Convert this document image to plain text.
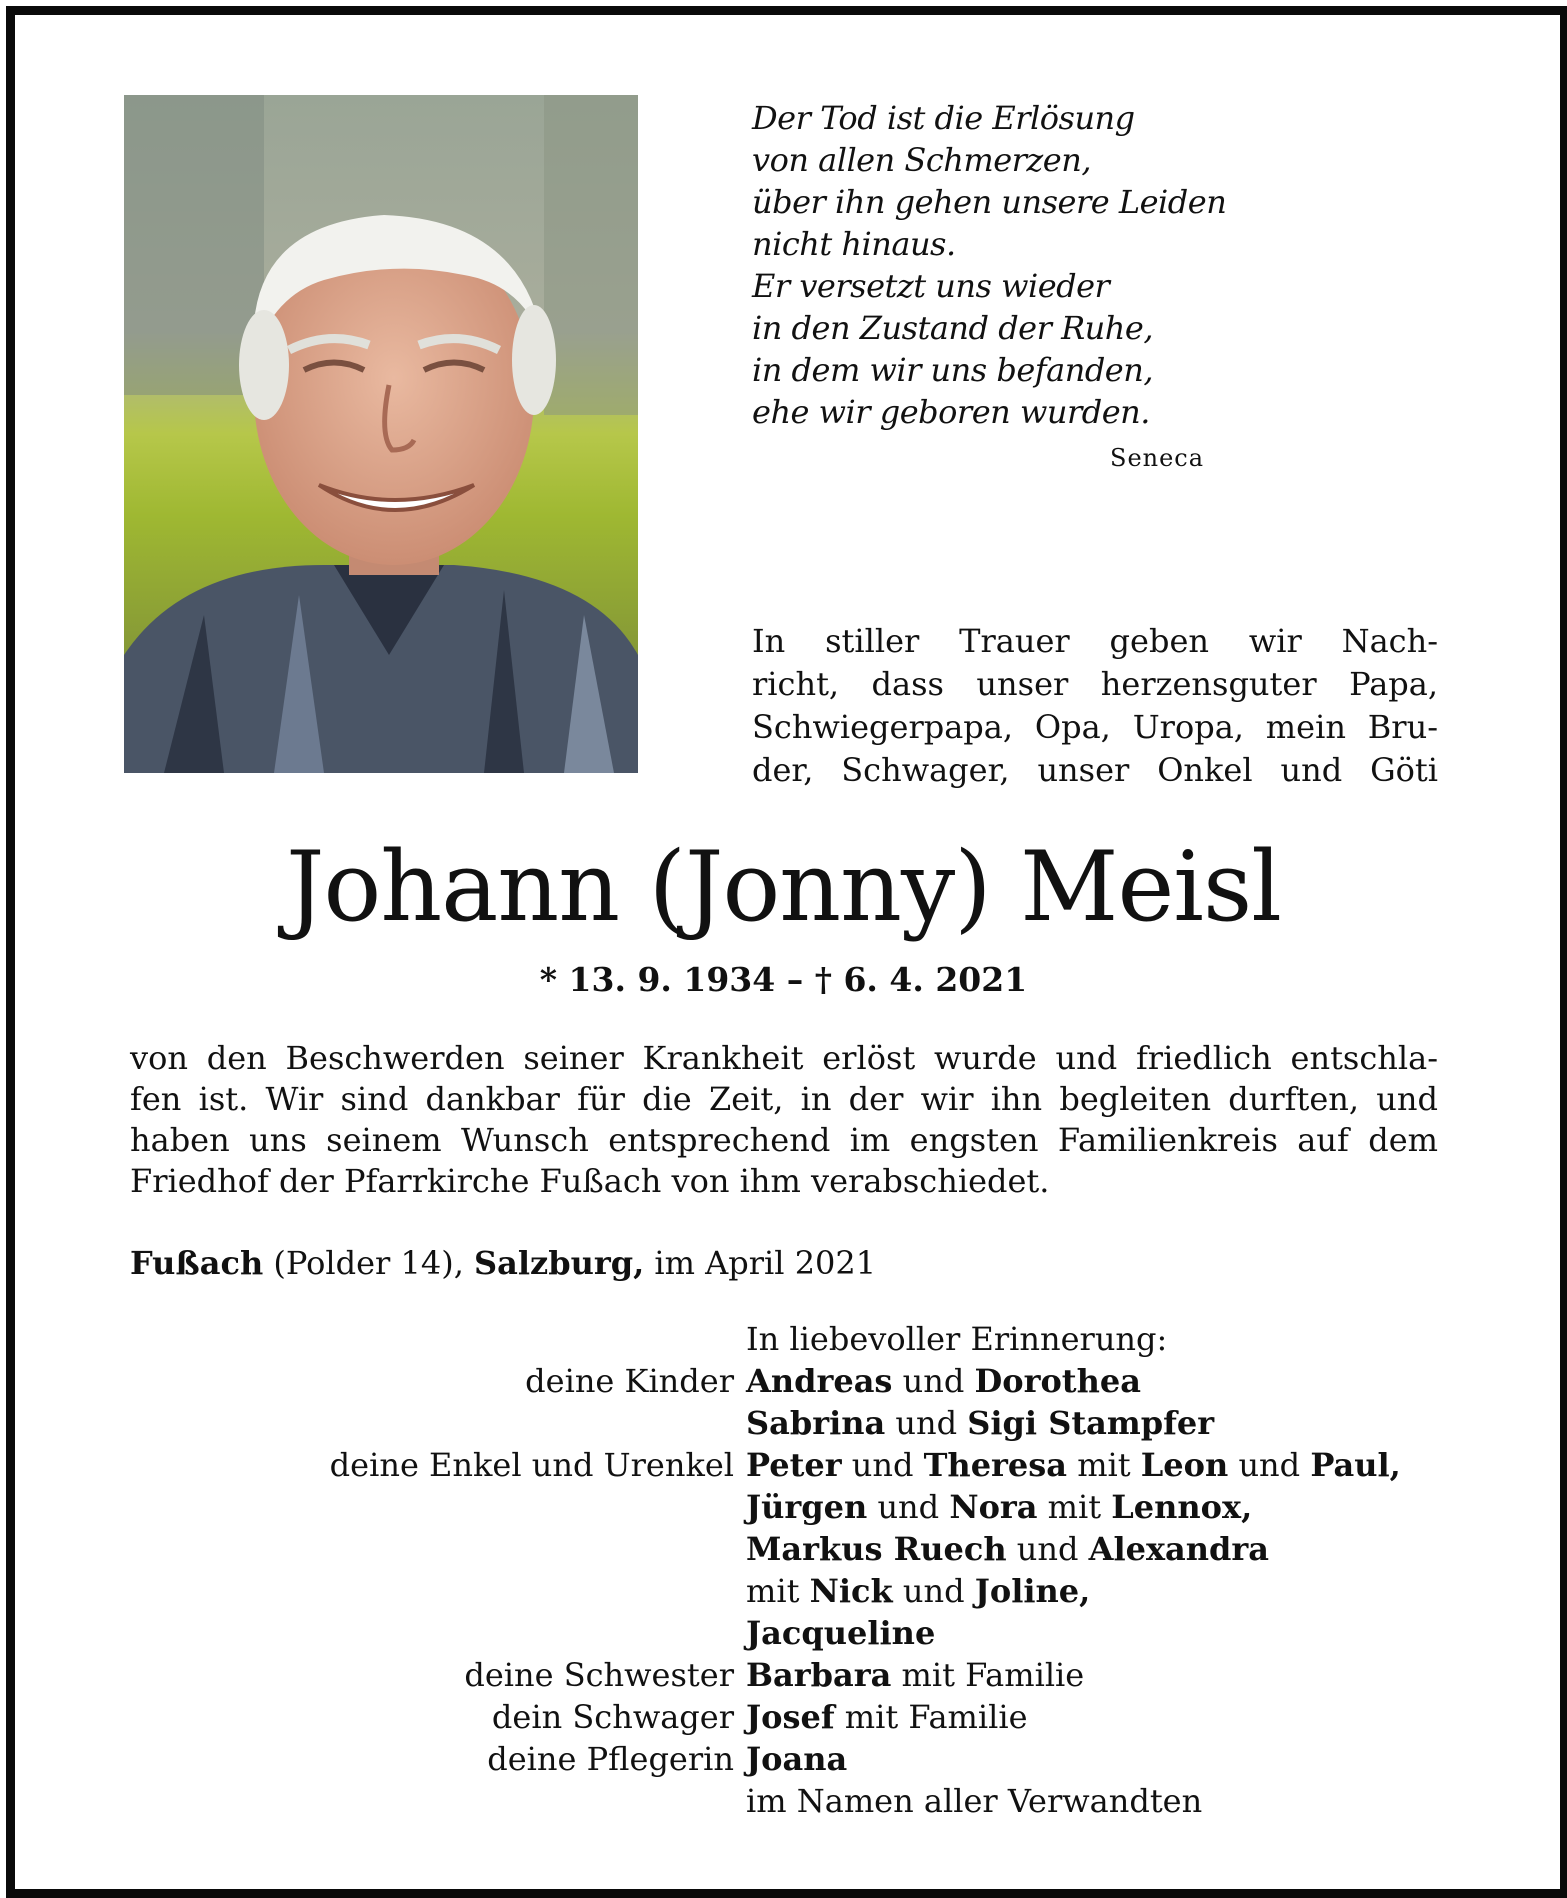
Der Tod ist die Erlösung
von allen Schmerzen,
über ihn gehen unsere Leiden
nicht hinaus.
Er versetzt uns wieder
in den Zustand der Ruhe,
in dem wir uns befanden,
ehe wir geboren wurden.
Seneca
In stiller Trauer geben wir Nach-
richt, dass unser herzensguter Papa,
Schwiegerpapa, Opa, Uropa, mein Bru-
der, Schwager, unser Onkel und Göti
Johann (Jonny) Meisl
* 13. 9. 1934 – † 6. 4. 2021
von den Beschwerden seiner Krankheit erlöst wurde und friedlich entschla-
fen ist. Wir sind dankbar für die Zeit, in der wir ihn begleiten durften, und
haben uns seinem Wunsch entsprechend im engsten Familienkreis auf dem
Friedhof der Pfarrkirche Fußach von ihm verabschiedet.
Fußach (Polder 14), Salzburg, im April 2021
In liebevoller Erinnerung:
deine Kinder Andreas und Dorothea
Sabrina und Sigi Stampfer
deine Enkel und Urenkel Peter und Theresa mit Leon und Paul,
Jürgen und Nora mit Lennox,
Markus Ruech und Alexandra
mit Nick und Joline,
Jacqueline
deine Schwester Barbara mit Familie
dein Schwager Josef mit Familie
deine Pflegerin Joana
im Namen aller Verwandten
